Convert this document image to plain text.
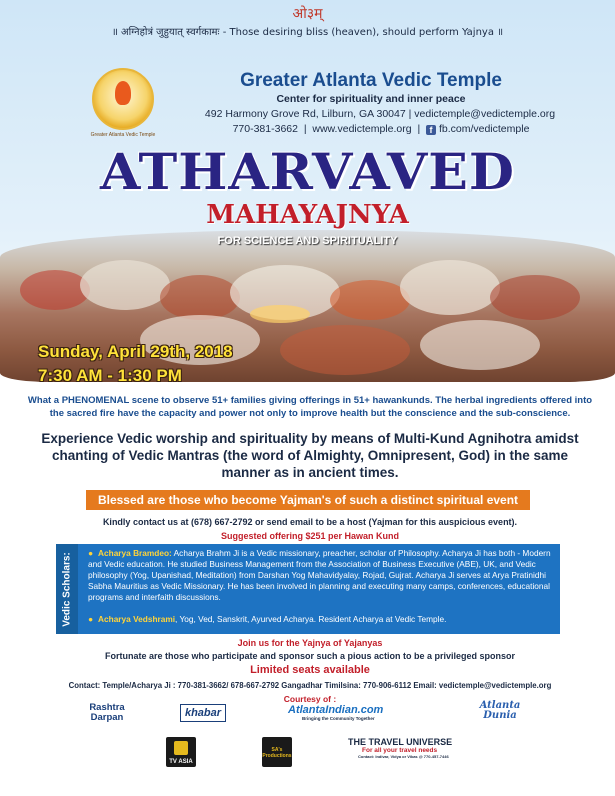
ओ३म्
॥ अग्निहोत्रं जुहुयात् स्वर्गकामः - Those desiring bliss (heaven), should perform Yajnya ॥
Greater Atlanta Vedic Temple
Greater Atlanta Vedic Temple
Center for spirituality and inner peace
492 Harmony Grove Rd, Lilburn, GA 30047 | vedictemple@vedictemple.org
770-381-3662 | www.vedictemple.org | f fb.com/vedictemple
ATHARVAVED
MAHAYAJNYA
FOR SCIENCE AND SPIRITUALITY
Sunday, April 29th, 2018
7:30 AM - 1:30 PM
What a PHENOMENAL scene to observe 51+ families giving offerings in 51+ hawankunds. The herbal ingredients offered into the sacred fire have the capacity and power not only to improve health but the conscience and the sub-conscience.
Experience Vedic worship and spirituality by means of Multi-Kund Agnihotra amidst chanting of Vedic Mantras (the word of Almighty, Omnipresent, God) in the same manner as in ancient times.
Blessed are those who become Yajman's of such a distinct spiritual event
Kindly contact us at (678) 667-2792 or send email to be a host (Yajman for this auspicious event).
Suggested offering $251 per Hawan Kund
Vedic Scholars: ● Acharya Bramdeo: Acharya Brahm Ji is a Vedic missionary, preacher, scholar of Philosophy. Acharya Ji has both - Modern and Vedic education. He studied Business Management from the Association of Business Executive (ABE), UK, and Vedic philosophy (Yog, Upanishad, Meditation) from Darshan Yog Mahavidyalay, Rojad, Gujrat. Acharya Ji serves at Arya Pratinidhi Sabha Mauritius as Vedic Missionary. He has been involved in planning and executing many camps, conferences, educational programs and interfaith discussions.
● Acharya Vedshrami, Yog, Ved, Sanskrit, Ayurved Acharya. Resident Acharya at Vedic Temple.
Join us for the Yajnya of Yajanyas
Fortunate are those who participate and sponsor such a pious action to be a privileged sponsor
Limited seats available
Contact: Temple/Acharya Ji : 770-381-3662/ 678-667-2792 Gangadhar Timilsina: 770-906-6112 Email: vedictemple@vedictemple.org
Courtesy of :
Rashtra Darpan	khabar	AtlantaIndian.com
Bringing the Community Together
Atlanta Dunia
TV ASIA
SA's Productions
THE TRAVEL UNIVERSE
For all your travel needs
Contact: Indivar, Vidya or Vikas @ 770-457-7446
